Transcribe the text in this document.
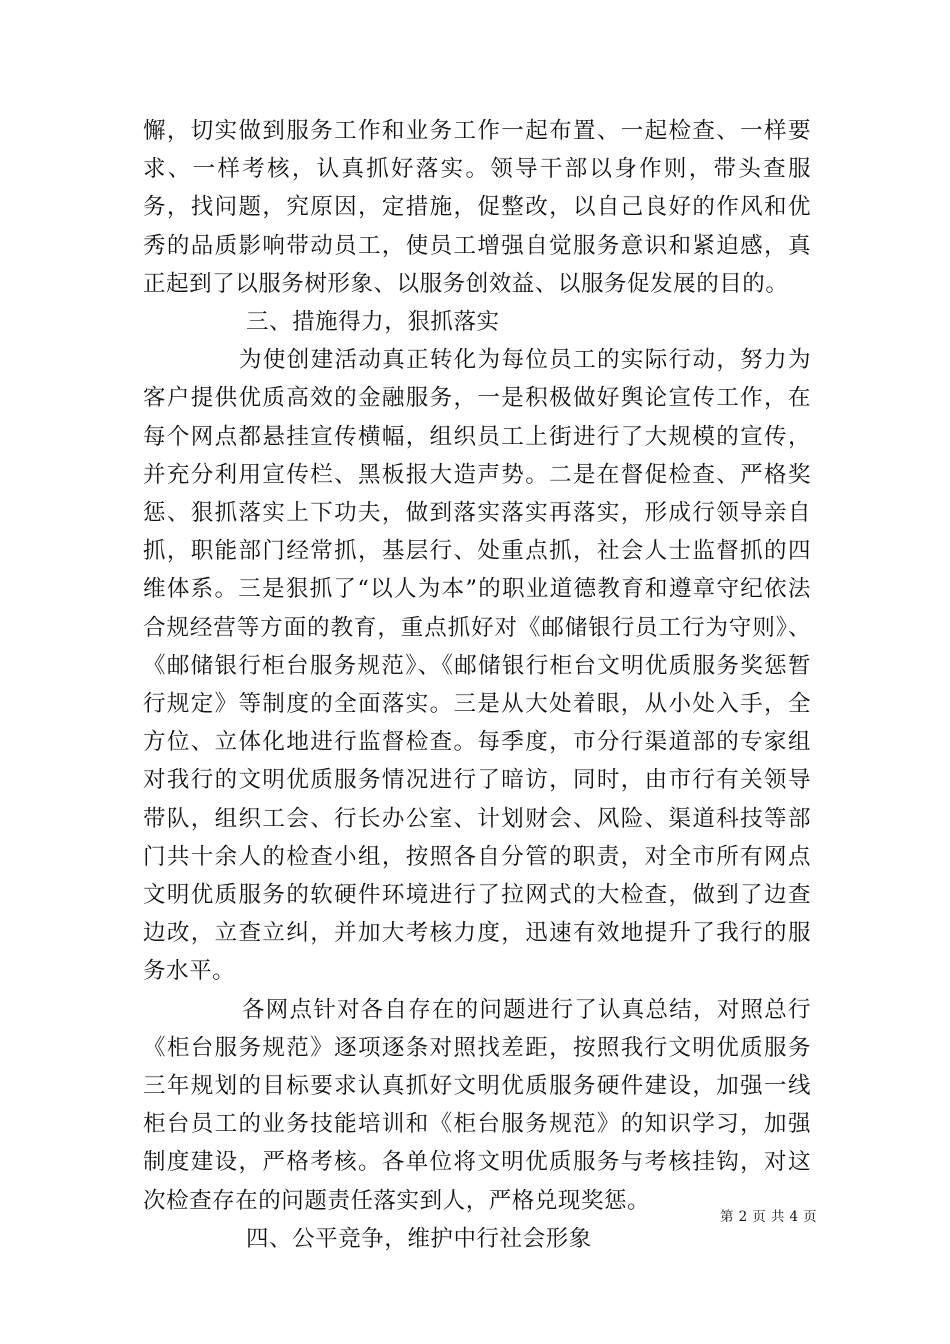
懈，切实做到服务工作和业务工作一起布置、一起检查、一样要求、一样考核，认真抓好落实。领导干部以身作则，带头查服务，找问题，究原因，定措施，促整改，以自己良好的作风和优秀的品质影响带动员工，使员工增强自觉服务意识和紧迫感，真正起到了以服务树形象、以服务创效益、以服务促发展的目的。

三、措施得力，狠抓落实

为使创建活动真正转化为每位员工的实际行动，努力为客户提供优质高效的金融服务，一是积极做好舆论宣传工作，在每个网点都悬挂宣传横幅，组织员工上街进行了大规模的宣传，并充分利用宣传栏、黑板报大造声势。二是在督促检查、严格奖惩、狠抓落实上下功夫，做到落实落实再落实，形成行领导亲自抓，职能部门经常抓，基层行、处重点抓，社会人士监督抓的四维体系。三是狠抓了“以人为本”的职业道德教育和遵章守纪依法合规经营等方面的教育，重点抓好对《邮储银行员工行为守则》、《邮储银行柜台服务规范》、《邮储银行柜台文明优质服务奖惩暂行规定》等制度的全面落实。三是从大处着眼，从小处入手，全方位、立体化地进行监督检查。每季度，市分行渠道部的专家组对我行的文明优质服务情况进行了暗访，同时，由市行有关领导带队，组织工会、行长办公室、计划财会、风险、渠道科技等部门共十余人的检查小组，按照各自分管的职责，对全市所有网点文明优质服务的软硬件环境进行了拉网式的大检查，做到了边查边改，立查立纠，并加大考核力度，迅速有效地提升了我行的服务水平。

各网点针对各自存在的问题进行了认真总结，对照总行《柜台服务规范》逐项逐条对照找差距，按照我行文明优质服务三年规划的目标要求认真抓好文明优质服务硬件建设，加强一线柜台员工的业务技能培训和《柜台服务规范》的知识学习，加强制度建设，严格考核。各单位将文明优质服务与考核挂钩，对这次检查存在的问题责任落实到人，严格兑现奖惩。

四、公平竞争，维护中行社会形象

第 2 页 共 4 页
